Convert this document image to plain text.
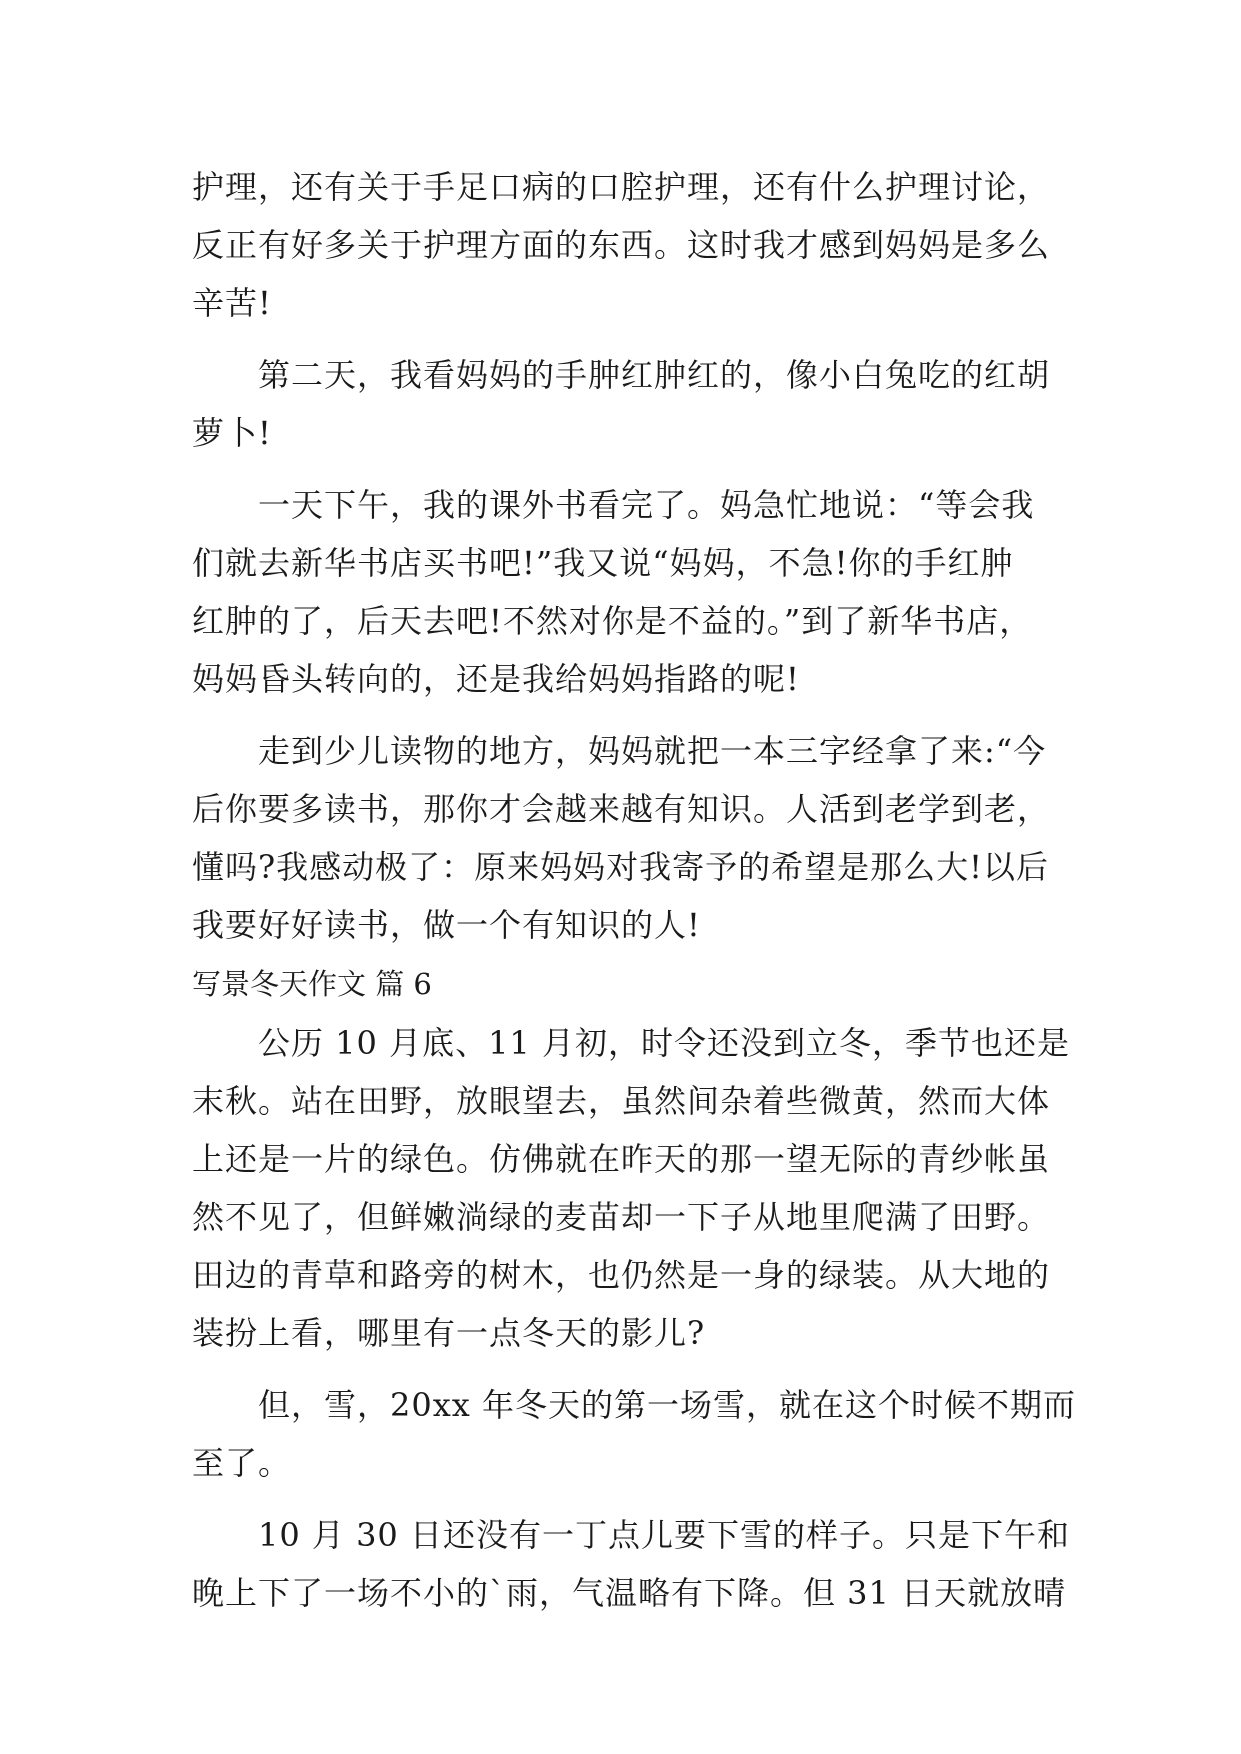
护理，还有关于手足口病的口腔护理，还有什么护理讨论，
反正有好多关于护理方面的东西。这时我才感到妈妈是多么
辛苦!
第二天，我看妈妈的手肿红肿红的，像小白兔吃的红胡
萝卜!
一天下午，我的课外书看完了。妈急忙地说：“等会我
们就去新华书店买书吧!”我又说“妈妈，不急!你的手红肿
红肿的了，后天去吧!不然对你是不益的。”到了新华书店，
妈妈昏头转向的，还是我给妈妈指路的呢!
走到少儿读物的地方，妈妈就把一本三字经拿了来:“今
后你要多读书，那你才会越来越有知识。人活到老学到老，
懂吗?我感动极了：原来妈妈对我寄予的希望是那么大!以后
我要好好读书，做一个有知识的人!
写景冬天作文 篇 6
公历 10 月底、11 月初，时令还没到立冬，季节也还是
末秋。站在田野，放眼望去，虽然间杂着些微黄，然而大体
上还是一片的绿色。仿佛就在昨天的那一望无际的青纱帐虽
然不见了，但鲜嫩淌绿的麦苗却一下子从地里爬满了田野。
田边的青草和路旁的树木，也仍然是一身的绿装。从大地的
装扮上看，哪里有一点冬天的影儿?
但，雪，20xx 年冬天的第一场雪，就在这个时候不期而
至了。
10 月 30 日还没有一丁点儿要下雪的样子。只是下午和
晚上下了一场不小的`雨，气温略有下降。但 31 日天就放晴
